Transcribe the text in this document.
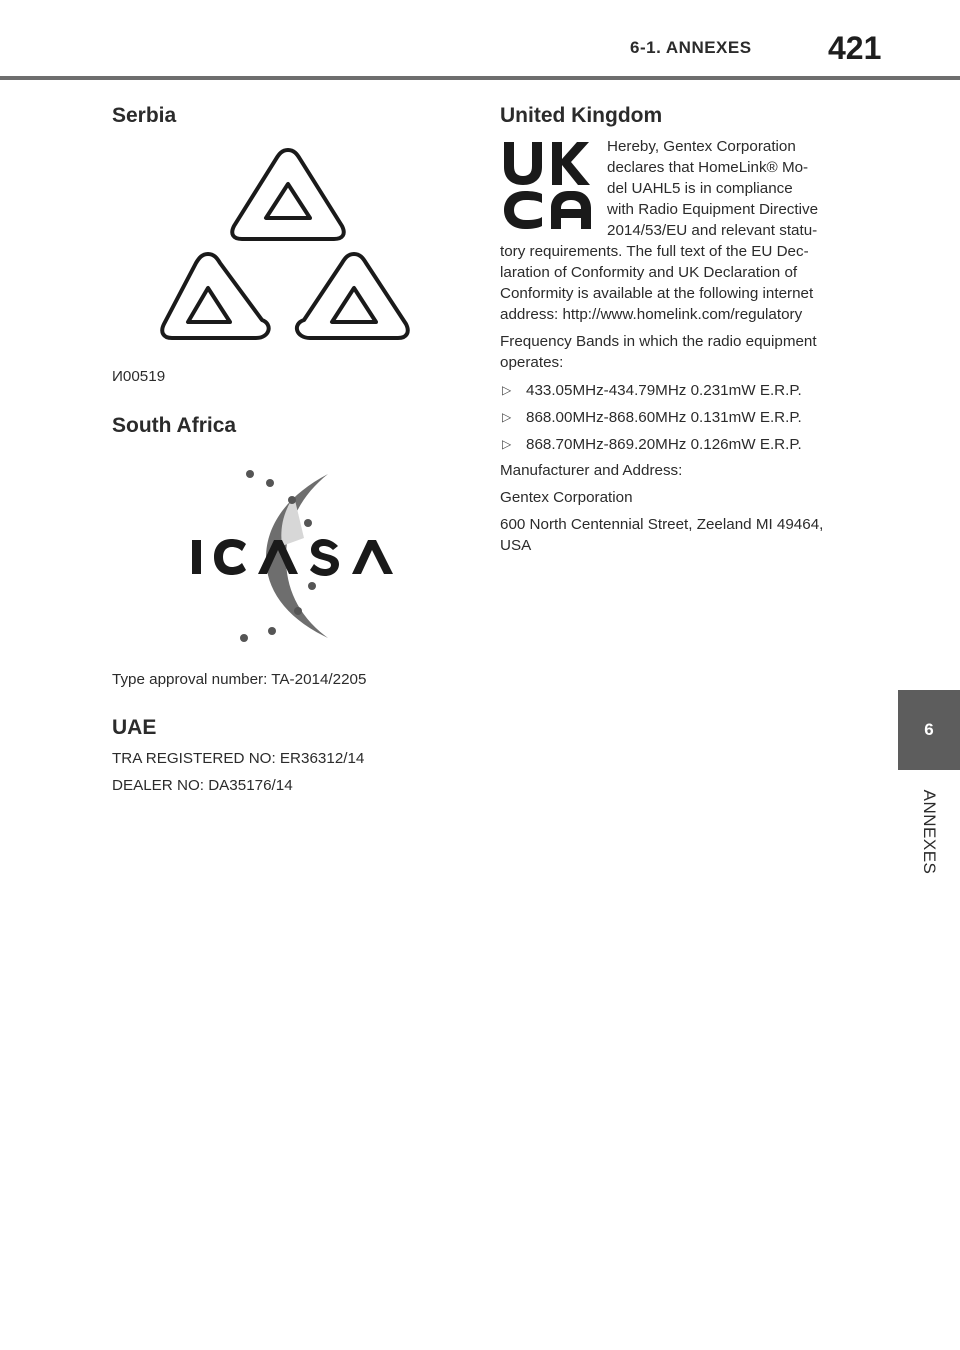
6-1. ANNEXES 421
6
ANNEXES
Serbia

И00519

South Africa

Type approval number: TA-2014/2205

UAE

TRA REGISTERED NO: ER36312/14

DEALER NO: DA35176/14

United Kingdom
Hereby, Gentex Corporation
declares that HomeLink® Mo-
del UAHL5 is in compliance
with Radio Equipment Directive
2014/53/EU and relevant statu-

tory requirements. The full text of the EU Dec-laration of Conformity and UK Declaration of Conformity is available at the following internet address: http://www.homelink.com/regulatory

Frequency Bands in which the radio equipment operates:

▷ 433.05MHz-434.79MHz 0.231mW E.R.P.
▷ 868.00MHz-868.60MHz 0.131mW E.R.P.
▷ 868.70MHz-869.20MHz 0.126mW E.R.P.

Manufacturer and Address:

Gentex Corporation

600 North Centennial Street, Zeeland MI 49464, USA
